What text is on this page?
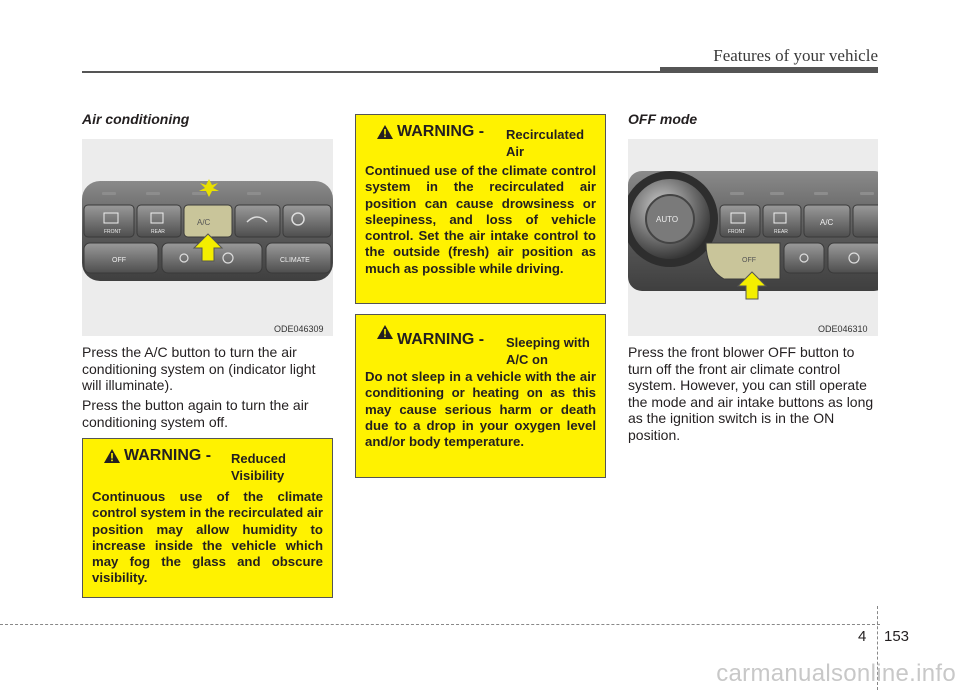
Features of your vehicle
Air conditioning
FRONT	REAR
A/C
OFF	CLIMATE
ODE046309

Press the A/C button to turn the air conditioning system on (indicator light will illuminate).

Press the button again to turn the air conditioning system off.

WARNING - Reduced
Visibility

Continuous use of the climate control system in the recirculated air position may allow humidity to increase inside the vehicle which may fog the glass and obscure visibility.

WARNING - Recirculated
Air

Continued use of the climate control system in the recirculated air position can cause drowsiness or sleepiness, and loss of vehicle control. Set the air intake control to the outside (fresh) air position as much as possible while driving.

WARNING - Sleeping with
A/C on

Do not sleep in a vehicle with the air conditioning or heating on as this may cause serious harm or death due to a drop in your oxygen level and/or body temperature.

OFF mode
AUTO
FRONT	REAR
A/C
OFF
ODE046310

Press the front blower OFF button to turn off the front air climate control system. However, you can still operate the mode and air intake buttons as long as the ignition switch is in the ON position.

4 153
carmanualsonline.info
